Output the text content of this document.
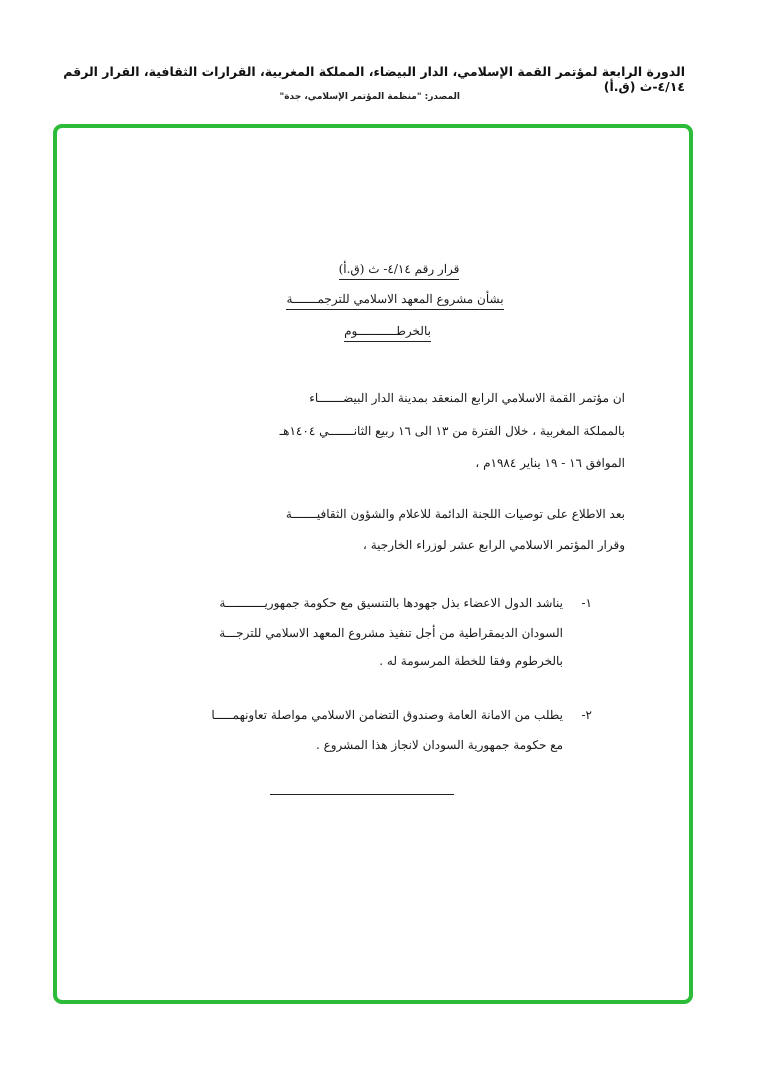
الدورة الرابعة لمؤتمر القمة الإسلامي، الدار البيضاء، المملكة المغربية، القرارات الثقافية، القرار الرقم ٤/١٤-ث (ق.أ)
المصدر: "منظمة المؤتمر الإسلامي، جدة"
قرار رقم ٤/١٤- ث (ق.أ)
بشأن مشروع المعهد الاسلامي للترجمـــــــة
بالخرطـــــــــــوم
ان مؤتمر القمة الاسلامي الرابع المنعقد بمدينة الدار البيضـــــــاء
بالمملكة المغربية ، خلال الفترة من ١٣ الى ١٦ ربيع الثانـــــــي ١٤٠٤هـ
الموافق ١٦ - ١٩ يناير ١٩٨٤م ،
بعد الاطلاع على توصيات اللجنة الدائمة للاعلام والشؤون الثقافيـــــــة
وقرار المؤتمر الاسلامي الرابع عشر لوزراء الخارجية ،
١-
يناشد الدول الاعضاء بذل جهودها بالتنسيق مع حكومة جمهوريـــــــــــة
السودان الديمقراطية من أجل تنفيذ مشروع المعهد الاسلامي للترجـــة
بالخرطوم وفقا للخطة المرسومة له .
٢-
يطلب من الامانة العامة وصندوق التضامن الاسلامي مواصلة تعاونهمـــــا
مع حكومة جمهورية السودان لانجاز هذا المشروع .
